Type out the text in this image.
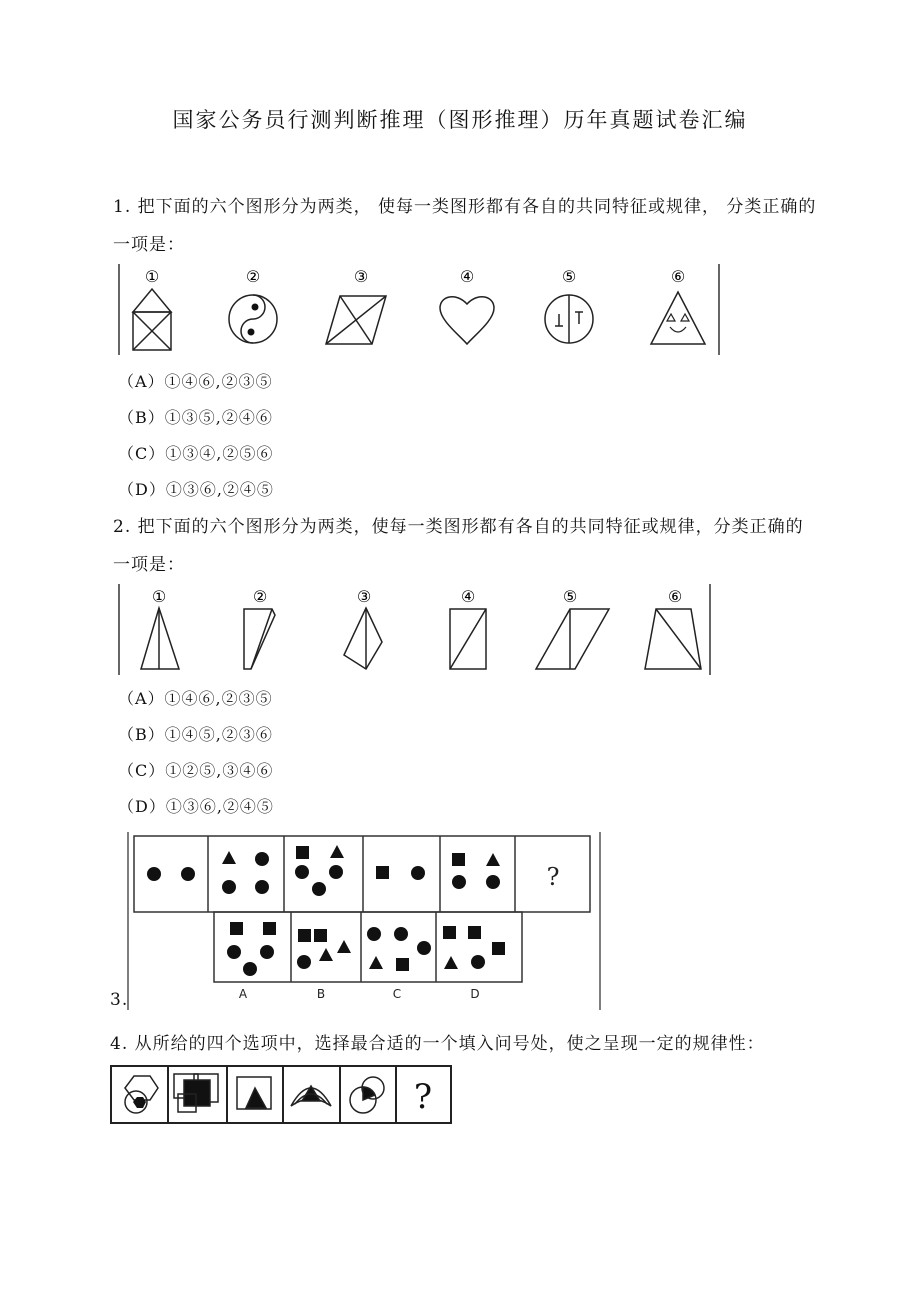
国家公务员行测判断推理（图形推理）历年真题试卷汇编
1. 把下面的六个图形分为两类， 使每一类图形都有各自的共同特征或规律， 分类正确的
一项是：
①	②	③	④	⑤	⑥
（A）①④⑥,②③⑤
（B）①③⑤,②④⑥
（C）①③④,②⑤⑥
（D）①③⑥,②④⑤
2. 把下面的六个图形分为两类，使每一类图形都有各自的共同特征或规律，分类正确的
一项是：
①	②	③	④	⑤	⑥
（A）①④⑥,②③⑤
（B）①④⑤,②③⑥
（C）①②⑤,③④⑥
（D）①③⑥,②④⑤
3.
?
A	B	C	D
4. 从所给的四个选项中，选择最合适的一个填入问号处，使之呈现一定的规律性：
?
